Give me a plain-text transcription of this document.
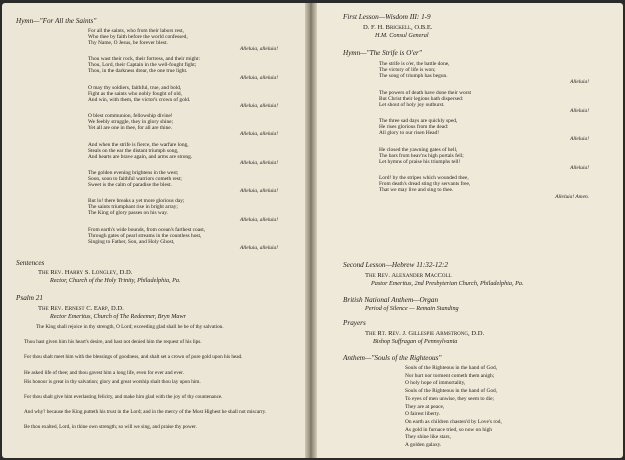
Hymn—"For All the Saints"
For all the saints, who from their labors rest,
Who thee by faith before the world confessed,
Thy Name, O Jesus, be forever blest.
Alleluia, alleluia!
Thou wast their rock, their fortress, and their might:
Thou, Lord, their Captain in the well-fought fight;
Thou, in the darkness drear, the one true light.
Alleluia, alleluia!
O may thy soldiers, faithful, true, and bold,
Fight as the saints who nobly fought of old,
And win, with them, the victor's crown of gold.
Alleluia, alleluia!
O blest communion, fellowship divine!
We feebly struggle, they in glory shine;
Yet all are one in thee, for all are thine.
Alleluia, alleluia!
And when the strife is fierce, the warfare long,
Steals on the ear the distant triumph song,
And hearts are brave again, and arms are strong.
Alleluia, alleluia!
The golden evening brightens in the west;
Soon, soon to faithful warriors cometh rest;
Sweet is the calm of paradise the blest.
Alleluia, alleluia!
But lo! there breaks a yet more glorious day;
The saints triumphant rise in bright array;
The King of glory passes on his way.
Alleluia, alleluia!
From earth's wide bounds, from ocean's farthest coast,
Through gates of pearl streams in the countless host,
Singing to Father, Son, and Holy Ghost,
Alleluia, alleluia!
Sentences
The Rev. Harry S. Longley, D.D.
Rector, Church of the Holy Trinity, Philadelphia, Pa.
Psalm 21
The Rev. Ernest C. Earp, D.D.
Rector Emeritus, Church of The Redeemer, Bryn Mawr
The King shall rejoice in thy strength, O Lord; exceeding glad shall he be of thy salvation.
Thou hast given him his heart's desire, and hast not denied him the request of his lips.
For thou shalt meet him with the blessings of goodness, and shalt set a crown of pure gold upon his head.
He asked life of thee; and thou gavest him a long life, even for ever and ever.
His honour is great in thy salvation; glory and great worship shalt thou lay upon him.
For thou shalt give him everlasting felicity, and make him glad with the joy of thy countenance.
And why? because the King putteth his trust in the Lord; and in the mercy of the Most Highest he shall not miscarry.
Be thou exalted, Lord, in thine own strength; so will we sing, and praise thy power.
First Lesson—Wisdom III: 1-9
D. F. H. Brickell, O.B.E.
H.M. Consul General
Hymn—"The Strife is O'er"
The strife is o'er, the battle done,
The victory of life is won;
The song of triumph has begun.
Alleluia!
The powers of death have done their worst
But Christ their legions hath dispersed:
Let shout of holy joy outburst.
Alleluia!
The three sad days are quickly sped,
He rises glorious from the dead:
All glory to our risen Head!
Alleluia!
He closed the yawning gates of hell,
The bars from heav'ns high portals fell;
Let hymns of praise his triumphs tell!
Alleluia!
Lord! by the stripes which wounded thee,
From death's dread sting thy servants free,
That we may live and sing to thee.
Alleluia! Amen.
Second Lesson—Hebrew 11:32-12:2
The Rev. Alexander MacColl
Pastor Emeritus, 2nd Presbyterian Church, Philadelphia, Pa.
British National Anthem—Organ
Period of Silence — Remain Standing
Prayers
The Rt. Rev. J. Gillespie Armstrong, D.D.
Bishop Suffragan of Pennsylvania
Anthem—"Souls of the Righteous"
Souls of the Righteous in the hand of God,
Nor hurt nor torment cometh them anigh;
O holy hope of immortality,
Souls of the Righteous in the hand of God,
To eyes of men unwise, they seem to die;
They are at peace,
O fairest liberty.
On earth as children chasten'd by Love's rod,
As gold in furnace tried, so now on high
They shine like stars,
A golden galaxy.
